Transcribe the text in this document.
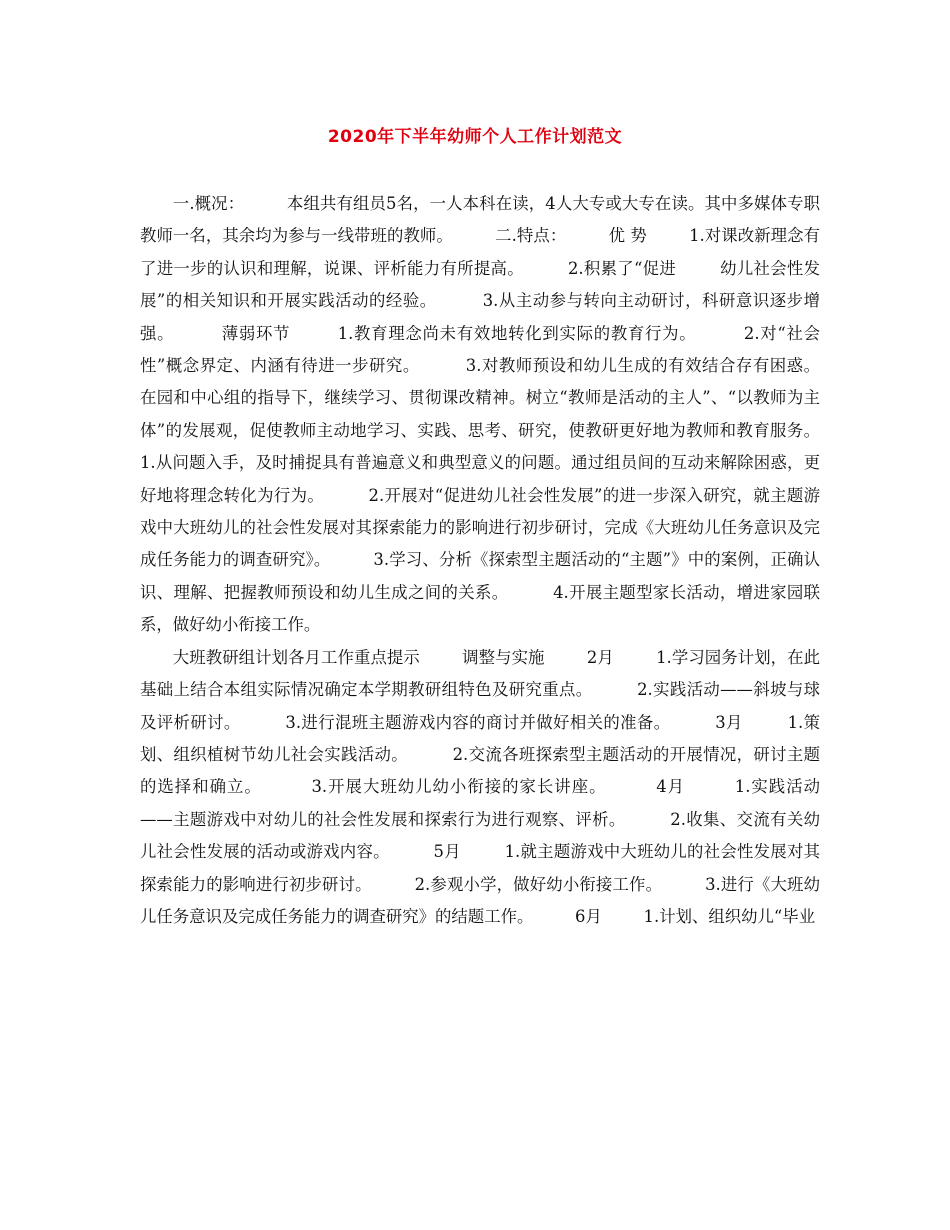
2020年下半年幼师个人工作计划范文

一.概况：        本组共有组员5名，一人本科在读，4人大专或大专在读。其中多媒体专职教师一名，其余均为参与一线带班的教师。        二.特点：        优 势        1.对课改新理念有了进一步的认识和理解，说课、评析能力有所提高。        2.积累了“促进        幼儿社会性发展”的相关知识和开展实践活动的经验。        3.从主动参与转向主动研讨，科研意识逐步增强。        薄弱环节        1.教育理念尚未有效地转化到实际的教育行为。        2.对“社会性”概念界定、内涵有待进一步研究。        3.对教师预设和幼儿生成的有效结合存有困惑。        在园和中心组的指导下，继续学习、贯彻课改精神。树立“教师是活动的主人”、“以教师为主体”的发展观，促使教师主动地学习、实践、思考、研究，使教研更好地为教师和教育服务。        1.从问题入手，及时捕捉具有普遍意义和典型意义的问题。通过组员间的互动来解除困惑，更好地将理念转化为行为。        2.开展对“促进幼儿社会性发展”的进一步深入研究，就主题游戏中大班幼儿的社会性发展对其探索能力的影响进行初步研讨，完成《大班幼儿任务意识及完成任务能力的调查研究》。        3.学习、分析《探索型主题活动的“主题”》中的案例，正确认识、理解、把握教师预设和幼儿生成之间的关系。        4.开展主题型家长活动，增进家园联系，做好幼小衔接工作。

大班教研组计划各月工作重点提示        调整与实施        2月        1.学习园务计划，在此基础上结合本组实际情况确定本学期教研组特色及研究重点。        2.实践活动——斜坡与球及评析研讨。        3.进行混班主题游戏内容的商讨并做好相关的准备。        3月        1.策划、组织植树节幼儿社会实践活动。        2.交流各班探索型主题活动的开展情况，研讨主题的选择和确立。        3.开展大班幼儿幼小衔接的家长讲座。        4月        1.实践活动        ——主题游戏中对幼儿的社会性发展和探索行为进行观察、评析。        2.收集、交流有关幼儿社会性发展的活动或游戏内容。        5月        1.就主题游戏中大班幼儿的社会性发展对其探索能力的影响进行初步研讨。        2.参观小学，做好幼小衔接工作。        3.进行《大班幼儿任务意识及完成任务能力的调查研究》的结题工作。        6月        1.计划、组织幼儿“毕业
